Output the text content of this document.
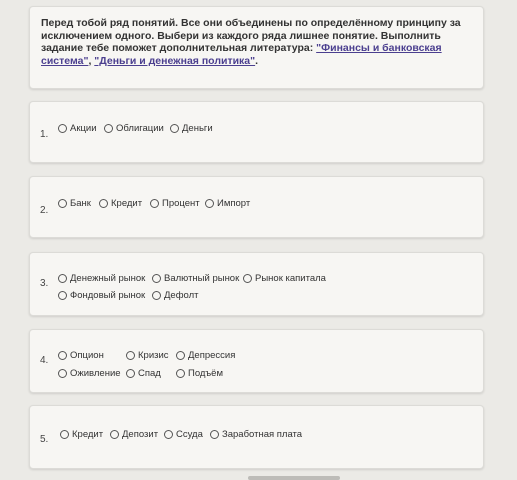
Перед тобой ряд понятий. Все они объединены по определённому принципу за исключением одного. Выбери из каждого ряда лишнее понятие. Выполнить задание тебе поможет дополнительная литература: "Финансы и банковская система", "Деньги и денежная политика".
1.
Акции Облигации Деньги
2.
Банк Кредит Процент Импорт
3. Денежный рынок Валютный рынок Рынок капитала
Фондовый рынок Дефолт
4. Опцион	Кризис Депрессия
Оживление Спад	Подъём
5. Кредит Депозит Ссуда Заработная плата
